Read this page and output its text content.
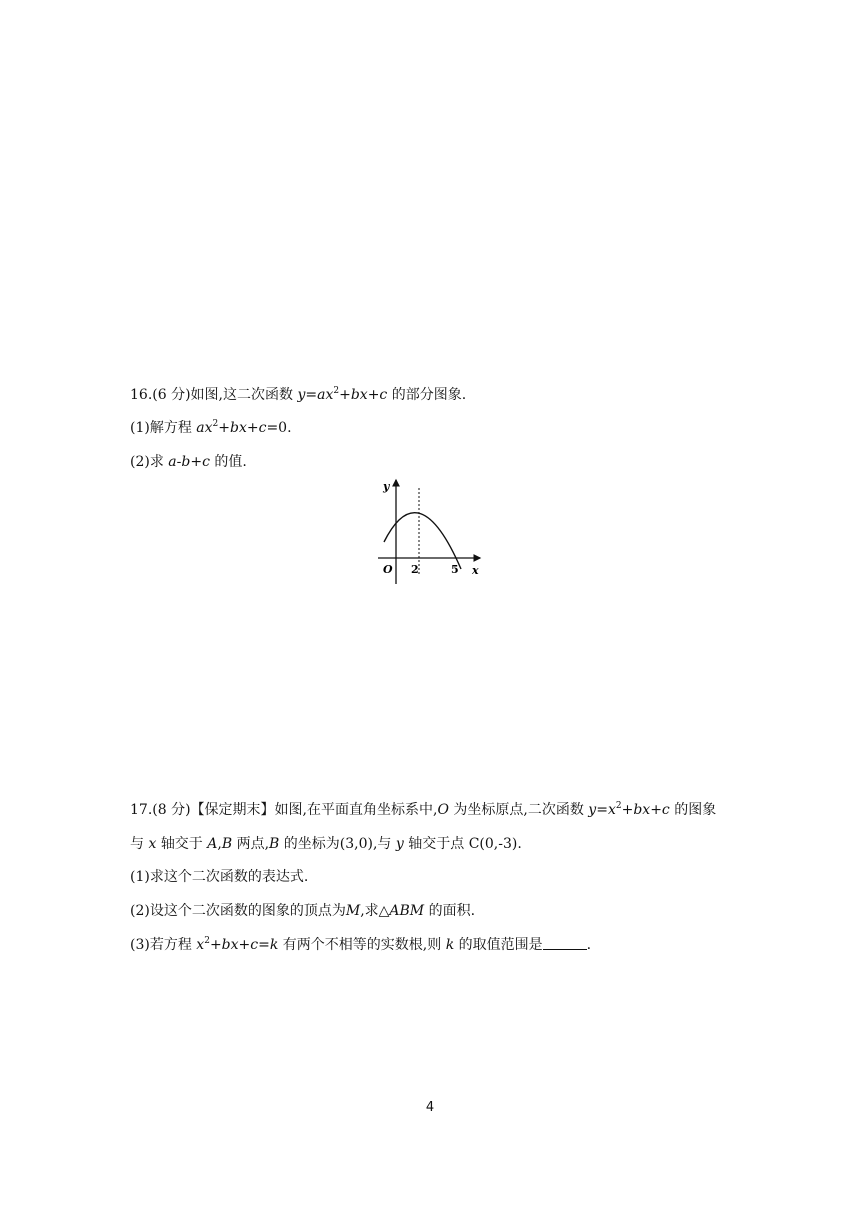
16.(6 分)如图,这二次函数 $y=ax^2+bx+c$ 的部分图象.
(1)解方程 $ax^2+bx+c=0$.
(2)求 a-b+c 的值.
y
x
O 2	5
17.(8 分)【保定期末】如图,在平面直角坐标系中,O 为坐标原点,二次函数 $y=x^2+bx+c$ 的图象
与 x 轴交于 A,B 两点,B 的坐标为(3,0),与 y 轴交于点 C(0,-3).
(1)求这个二次函数的表达式.
(2)设这个二次函数的图象的顶点为M,求△ABM 的面积.
(3)若方程 $x^2+bx+c=k$ 有两个不相等的实数根,则 k 的取值范围是	.
4
